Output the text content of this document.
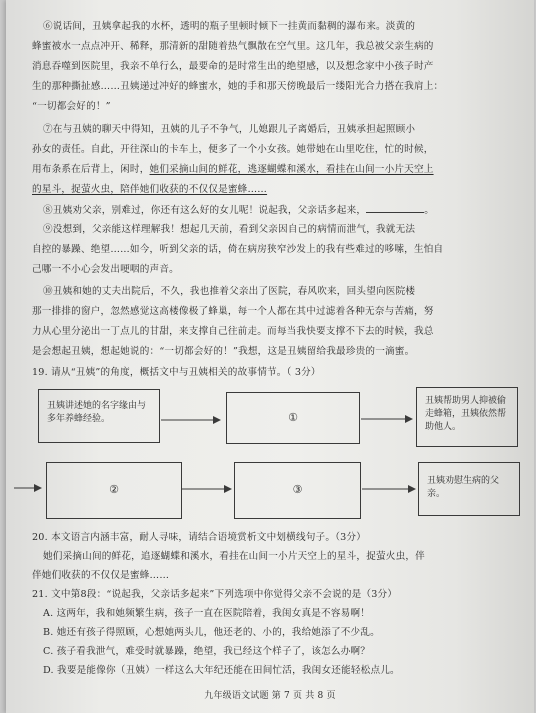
⑥说话间，丑姨拿起我的水杯，透明的瓶子里顿时倾下一挂黄而黏稠的瀑布来。淡黄的
蜂蜜被水一点点冲开、稀释，那清新的甜随着热气飘散在空气里。这几年，我总被父亲生病的
消息吞噬到医院里，我亲不单行么，最要命的是时常生出的绝望感，以及想念家中小孩子时产
生的那种撕扯感……丑姨递过冲好的蜂蜜水，她的手和那天傍晚最后一缕阳光合力搭在我肩上：
“一切都会好的！”
⑦在与丑姨的聊天中得知，丑姨的儿子不争气，儿媳跟儿子离婚后，丑姨承担起照顾小
孙女的责任。自此，开往深山的卡车上，便多了一个小女孩。她带她在山里吃住，忙的时候，
用布条系在后背上，闲时，她们采摘山间的鲜花，逃逐蝴蝶和溪水，看挂在山间一小片天空上
的星斗，捉萤火虫，陪伴她们收获的不仅仅是蜜蜂……
⑧丑姨劝父亲，别难过，你还有这么好的女儿呢！说起我，父亲话多起来，	。
⑨没想到，父亲能这样理解我！想起几天前，看到父亲因自己的病情而泄气，我就无法
自控的暴躁、绝望……如今，听到父亲的话，倚在病房狭窄沙发上的我有些难过的哆嗦，生怕自
己哪一不小心会发出哽咽的声音。
⑩丑姨和她的丈夫出院后，不久，我也推着父亲出了医院，春风吹来，回头望向医院楼
那一排排的窗户，忽然感觉这高楼像极了蜂巢，每一个人都在其中过滤着各种无奈与苦痛，努
力从心里分泌出一丁点儿的甘甜，来支撑自己往前走。而每当我快要支撑不下去的时候，我总
是会想起丑姨，想起她说的：“一切都会好的！”我想，这是丑姨留给我最珍贵的一滴蜜。
19. 请从“丑姨”的角度，概括文中与丑姨相关的故事情节。（ 3分）
丑姨讲述她的名字缘由与多年养蜂经验。	①
丑姨帮助男人抑被偷走蜂箱，丑姨依然帮助他人。
②	③
丑姨劝慰生病的父亲。
20. 本文语言内涵丰富，耐人寻味，请结合语境赏析文中划横线句子。（3分）
她们采摘山间的鲜花，追逐蝴蝶和溪水，看挂在山间一小片天空上的星斗，捉萤火虫，伴
伴她们收获的不仅仅是蜜蜂……
21. 文中第8段：“说起我，父亲话多起来”下列选项中你觉得父亲不会说的是（3分）
A. 这两年，我和她频繁生病，孩子一直在医院陪着，我闺女真是不容易啊！
B. 她还有孩子得照顾，心想她两头儿，他还老的、小的，我给她添了不少乱。
C. 孩子看我泄气，难受时就暴躁，绝望，我已经这个样子了，该怎么办啊？
D. 我要是能像你（丑姨）一样这么大年纪还能在田间忙活，我闺女还能轻松点儿。
九年级语文试题 第 7 页 共 8 页
